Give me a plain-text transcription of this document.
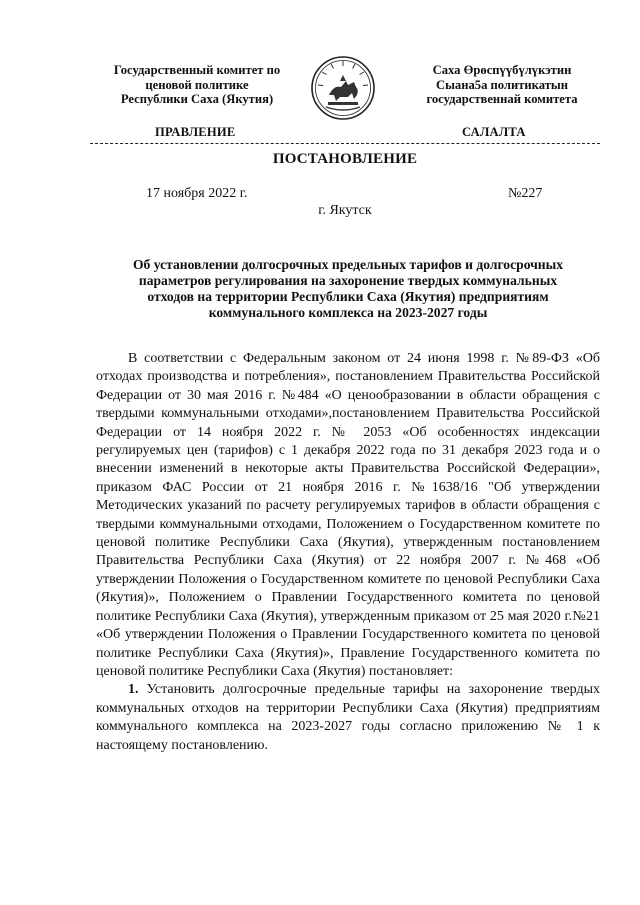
Государственный комитет по
ценовой политике
Республики Саха (Якутия)
Саха Өрөспүүбүлүкэтин
Сыана5а политикатын
государственнай комитета
ПРАВЛЕНИЕ	САЛАЛТА
ПОСТАНОВЛЕНИЕ
17 ноября 2022 г.	№227
г. Якутск
Об установлении долгосрочных предельных тарифов и долгосрочных
параметров регулирования на захоронение твердых коммунальных
отходов на территории Республики Саха (Якутия) предприятиям
коммунального комплекса на 2023-2027 годы

В соответствии с Федеральным законом от 24 июня 1998 г. №89-ФЗ «Об отходах производства и потребления», постановлением Правительства Российской Федерации от 30 мая 2016 г. №484 «О ценообразовании в области обращения с твердыми коммунальными отходами»,постановлением Правительства Российской Федерации от 14 ноября 2022 г. № 2053 «Об особенностях индексации регулируемых цен (тарифов) с 1 декабря 2022 года по 31 декабря 2023 года и о внесении изменений в некоторые акты Правительства Российской Федерации», приказом ФАС России от 21 ноября 2016 г. №1638/16 "Об утверждении Методических указаний по расчету регулируемых тарифов в области обращения с твердыми коммунальными отходами, Положением о Государственном комитете по ценовой политике Республики Саха (Якутия), утвержденным постановлением Правительства Республики Саха (Якутия) от 22 ноября 2007 г. №468 «Об утверждении Положения о Государственном комитете по ценовой Республики Саха (Якутия)», Положением о Правлении Государственного комитета по ценовой политике Республики Саха (Якутия), утвержденным приказом от 25 мая 2020 г.№21 «Об утверждении Положения о Правлении Государственного комитета по ценовой политике Республики Саха (Якутия)», Правление Государственного комитета по ценовой политике Республики Саха (Якутия) постановляет:

1. Установить долгосрочные предельные тарифы на захоронение твердых коммунальных отходов на территории Республики Саха (Якутия) предприятиям коммунального комплекса на 2023-2027 годы согласно приложению № 1 к настоящему постановлению.
